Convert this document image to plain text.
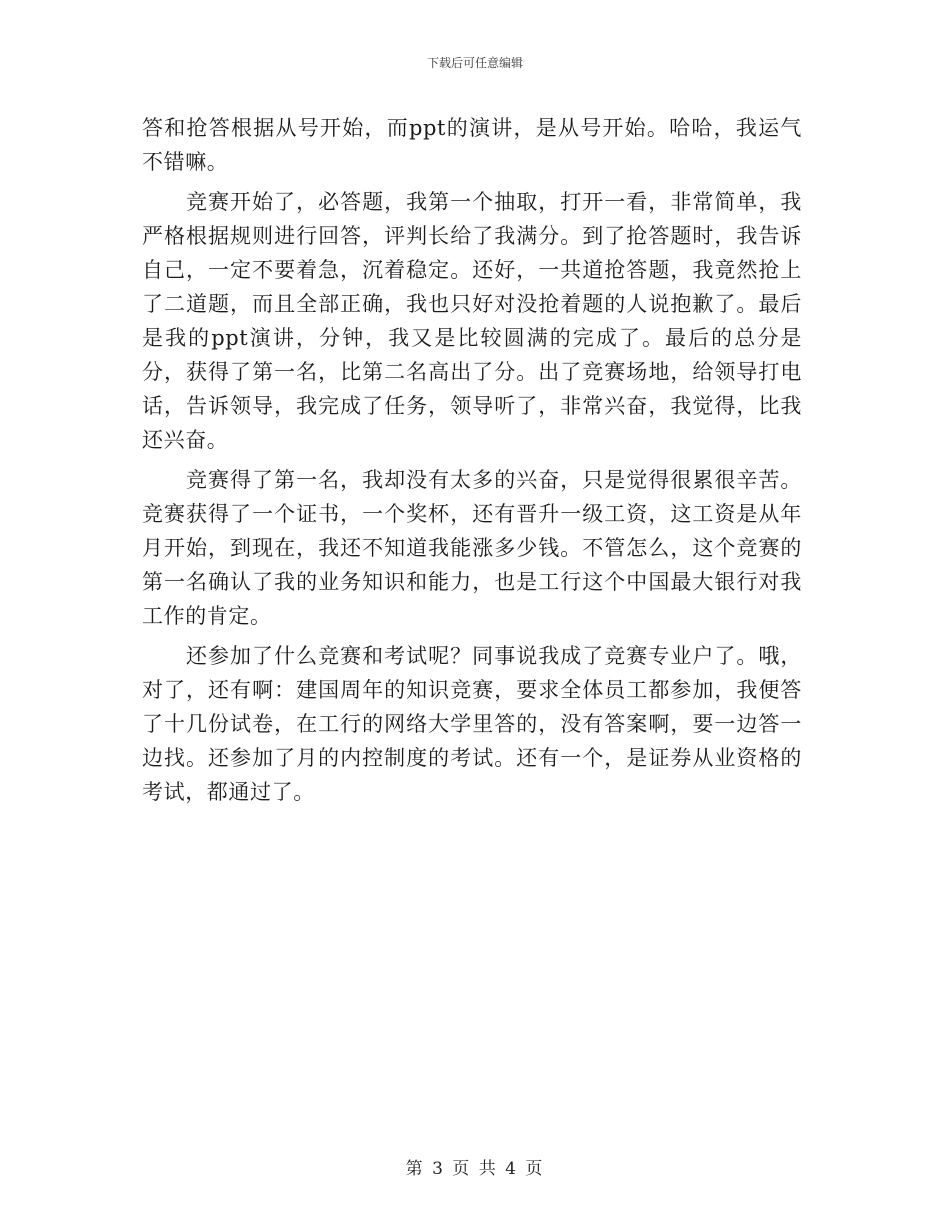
下载后可任意编辑

答和抢答根据从号开始，而ppt的演讲，是从号开始。哈哈，我运气不错嘛。

竞赛开始了，必答题，我第一个抽取，打开一看，非常简单，我严格根据规则进行回答，评判长给了我满分。到了抢答题时，我告诉自己，一定不要着急，沉着稳定。还好，一共道抢答题，我竟然抢上了二道题，而且全部正确，我也只好对没抢着题的人说抱歉了。最后是我的ppt演讲，分钟，我又是比较圆满的完成了。最后的总分是分，获得了第一名，比第二名高出了分。出了竞赛场地，给领导打电话，告诉领导，我完成了任务，领导听了，非常兴奋，我觉得，比我还兴奋。

竞赛得了第一名，我却没有太多的兴奋，只是觉得很累很辛苦。竞赛获得了一个证书，一个奖杯，还有晋升一级工资，这工资是从年月开始，到现在，我还不知道我能涨多少钱。不管怎么，这个竞赛的第一名确认了我的业务知识和能力，也是工行这个中国最大银行对我工作的肯定。

还参加了什么竞赛和考试呢？同事说我成了竞赛专业户了。哦，对了，还有啊：建国周年的知识竞赛，要求全体员工都参加，我便答了十几份试卷，在工行的网络大学里答的，没有答案啊，要一边答一边找。还参加了月的内控制度的考试。还有一个，是证券从业资格的考试，都通过了。

第 3 页 共 4 页
